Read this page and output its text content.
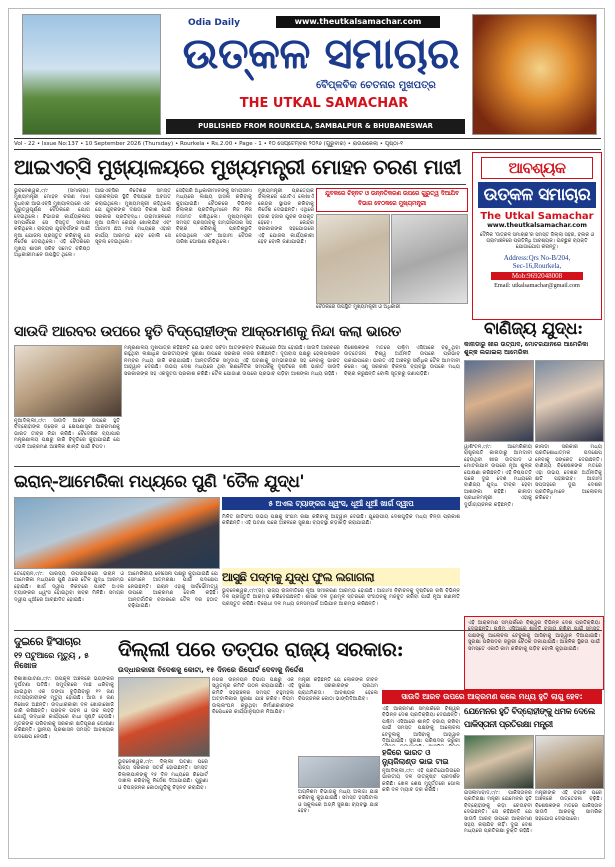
Odia Daily	www.theutkalsamachar.com
ଉତ୍କଳ ସମାଚାର
ବୈପ୍ଳବିକ ଚେତନାର ମୁଖପତ୍ର
THE UTKAL SAMACHAR
PUBLISHED FROM ROURKELA, SAMBALPUR & BHUBANESWAR
Vol - 22 • Issue No:137 • 10 September 2026 (Thursday) • Rourkela • Rs.2.00 • Page - 1 • ୧୦ ସେପ୍ଟେମ୍ବର ୨୦୨୬ (ଗୁରୁବାର) • ରାଉରକେଲା • ପୃଷ୍ଠା-୧
ଆଇଏଚ୍‌ସି ମୁଖ୍ୟାଳୟରେ ମୁଖ୍ୟମନ୍ତ୍ରୀ ମୋହନ ଚରଣ ମାଝୀ
ଭୁବନେଶ୍ୱର,୯/୯ (ସମାଚାର): ମୁଖ୍ୟମନ୍ତ୍ରୀ ମୋହନ ଚରଣ ମାଝୀ ବୁଧବାର ଆଇଏଚ୍‌ସି ମୁଖ୍ୟାଳୟରେ ଏକ ଗୁରୁତ୍ୱପୂର୍ଣ୍ଣ ବୈଠକରେ ଯୋଗ ଦେଇଥିଲେ। ବିଭାଗର କାର୍ଯ୍ୟକଳାପ ସମ୍ପର୍କରେ ସେ ବିସ୍ତୃତ ସମୀକ୍ଷା କରିଥିଲେ। ରାଜ୍ୟର ଯୁବବର୍ଗଙ୍କ ପାଇଁ ନୂଆ ଯୋଜନା ପ୍ରସ୍ତୁତ କରିବାକୁ ସେ ନିର୍ଦ୍ଦେଶ ଦେଇଥିଲେ। ଏହି ବୈଠକରେ ମୁଖ୍ୟ ଶାସନ ସଚିବ ସମେତ ବରିଷ୍ଠ ଅଧିକାରୀମାନେ ଉପସ୍ଥିତ ଥିଲେ।
ଆଇଏଚ୍‌ସିର ନିର୍ଦ୍ଦେଶକ ସମସ୍ତ ପ୍ରକଳ୍ପର ସ୍ଥିତି ବିଷୟରେ ଅବଗତ କରାଇଥିଲେ। ମୁଖ୍ୟମନ୍ତ୍ରୀ କହିଥିଲେ ଯେ ଯୁବକଙ୍କ ଦକ୍ଷତା ବିକାଶ ପାଇଁ ସରକାର ପ୍ରତିବଦ୍ଧ। ଗ୍ରାମାଞ୍ଚଳରେ ନୂଆ ତାଲିମ କେନ୍ଦ୍ର ଖୋଲାଯିବ ଏବଂ ଆଗାମୀ ଛଅ ମାସ ମଧ୍ୟରେ ଏହାର କାର୍ଯ୍ୟ ଆରମ୍ଭ ହେବ ବୋଲି ସେ ସୂଚନା ଦେଇଥିଲେ।
ସେହିପରି ଅଧିକାରୀମାନଙ୍କୁ ସମୟସୀମା ମଧ୍ୟରେ ଲକ୍ଷ୍ୟ ହାସଲ କରିବାକୁ କୁହାଯାଇଛି। ବୈଠକରେ ବିଭିନ୍ନ ଜିଲ୍ଲାର ପ୍ରତିନିଧିମାନେ ନିଜ ନିଜ ମତାମତ ରଖିଥିଲେ। ମୁଖ୍ୟମନ୍ତ୍ରୀ ସମସ୍ତ ପ୍ରସ୍ତାବକୁ ଗମ୍ଭୀରତାର ସହ ବିଚାର କରିବାକୁ ପ୍ରତିଶ୍ରୁତି ଦେଇଥିଲେ ଏବଂ ଆଗାମୀ ବୈଠକ ତାରିଖ ଘୋଷଣା କରିଥିଲେ।
ମୁଖ୍ୟମନ୍ତ୍ରୀ ପ୍ରତ୍ୟେକ ଜିଲ୍ଲାରେ ଗୋଟିଏ ଲେଖାଏଁ କେନ୍ଦ୍ର ସ୍ଥାପନ କରିବାକୁ ନିର୍ଦ୍ଦେଶ ଦେଇଛନ୍ତି। ଏଥିରେ ହଜାର ହଜାର ଯୁବକ ଉପକୃତ ହେବେ। କେନ୍ଦ୍ର ସରକାରଙ୍କ ସହଯୋଗରେ ଏହି ଯୋଜନା କାର୍ଯ୍ୟକାରୀ ହେବ ବୋଲି ଜଣାଯାଇଛି।
ଯୁବକରେ ଚିହ୍ନଟ ଓ ଉନ୍ନତିକରଣ ଉପରେ ଗୁରୁତ୍ୱ ଦିଆଯିବ
ବିଭାଗ ବେଠକରେ ମୁଖ୍ୟମନ୍ତ୍ରୀ
ବୈଠକରେ ଉପସ୍ଥିତ ମୁଖ୍ୟମନ୍ତ୍ରୀ ଓ ଅଧିକାରୀ
ଆବଶ୍ୟକ
ଉତ୍କଳ ସମାଚାର
The Utkal Samachar
www.theutkalsamachar.com
ଦୈନିକ 'ଉତ୍କଳ ସମାଚାର'ର ସମସ୍ତ ଜିଲ୍ଲା ସହର, ବ୍ଲକ ଓ ଗ୍ରାମାଞ୍ଚଳରେ ପ୍ରତିନିଧି ଆବଶ୍ୟକ। ଇଚ୍ଛୁକ ବ୍ୟକ୍ତି ଯୋଗାଯୋଗ କରନ୍ତୁ।
Address:Qrs No-B/204,
Sec-16,Rourkela,
Mob:9692048008
Email: utkalsamachar@gmail.com
ସାଉଦି ଆରବର ଉପରେ ହୁତି ବିଦ୍ରୋହୀଙ୍କ ଆକ୍ରମଣକୁ ନିନ୍ଦା କଲା ଭାରତ
ନୂଆଦିଲ୍ଲୀ,୯/୯: ସାଉଦି ଆରବ ଉପରେ ହୁତି ବିଦ୍ରୋହୀଙ୍କ ଡ୍ରୋନ ଓ କ୍ଷେପଣାସ୍ତ୍ର ଆକ୍ରମଣକୁ ଭାରତ ତୀବ୍ର ନିନ୍ଦା କରିଛି। ବୈଦେଶିକ ବ୍ୟାପାର ମନ୍ତ୍ରଣାଳୟ ପକ୍ଷରୁ ଜାରି ବିବୃତିରେ କୁହାଯାଇଛି ଯେ ଏଭଳି ଆକ୍ରମଣ ଆଞ୍ଚଳିକ ଶାନ୍ତି ପାଇଁ ବିପଦ।
ମନ୍ତ୍ରଣାଳୟ ମୁଖପାତ୍ର କହିଛନ୍ତି ଯେ ଭାରତ ସର୍ବଦା ଆତଙ୍କବାଦ ବିରୋଧରେ ଠିଆ ହୋଇଛି। ସାଉଦି ଆରବରେ ରହୁଥିବା ଲକ୍ଷାଧିକ ଭାରତୀୟଙ୍କ ସୁରକ୍ଷା ଉପରେ ସରକାର ନଜର ରଖିଛନ୍ତି। ଦୂତାବାସ ପକ୍ଷରୁ ହେଲ୍ପଲାଇନ ନମ୍ବର ମଧ୍ୟ ଜାରି କରାଯାଇଛି। ଆନ୍ତର୍ଜାତିକ ସମୁଦାୟ ଏହି ଘଟଣାକୁ ଗମ୍ଭୀରତାର ସହ ନେବାକୁ ଭାରତ ଆହ୍ୱାନ ଦେଇଛି। ଉଭୟ ଦେଶ ମଧ୍ୟରେ ଥିବା ରଣନୈତିକ ସମ୍ପର୍କକୁ ଦୃଷ୍ଟିରେ ରଖି ଭାରତ ସାଉଦି ସରକାରଙ୍କ ସହ ଏକଜୁଟତା ପ୍ରକାଶ କରିଛି। ତୈଳ ଯୋଗାଣ ଉପରେ ପ୍ରଭାବ ପଡ଼ିବା ଆଶଙ୍କା ମଧ୍ୟ ରହିଛି।
ବିଶେଷଜ୍ଞଙ୍କ ମତରେ ପଶ୍ଚିମ ଏସିଆରେ ବଢ଼ୁଥିବା ଉତ୍ତେଜନା ବିଶ୍ୱ ଅର୍ଥନୀତି ଉପରେ ପ୍ରଭାବ ପକାଇପାରେ। ଭାରତ ଏହି ଅଞ୍ଚଳରୁ ସର୍ବାଧିକ ତୈଳ ଆମଦାନୀ କରେ। ଏଣୁ ସରକାର ବିକଳ୍ପ ବ୍ୟବସ୍ଥା ଉପରେ ମଧ୍ୟ ବିଚାର କରୁଛନ୍ତି ବୋଲି ସୂତ୍ରରୁ ଜଣାପଡ଼ିଛି।
ବାଣିଜ୍ୟ ଯୁଦ୍ଧ:
କାନାଡାରୁ ଖୀର ଉତ୍ପାଦ, ମୋଟରଯାନରେ ଆମେରିକା ଶୁଳ୍କ ଲଗାଇଲା ଆମେରିକା
ୱାଶିଂଟନ,୯/୯: ଆମେରିକୀୟ ରାଷ୍ଟ୍ରପତି କାନାଡାରୁ ଆମଦାନୀ ହେଉଥିବା ଖୀର ଉତ୍ପାଦ ଓ ମୋଟରଯାନ ଉପରେ ନୂଆ ଶୁଳ୍କ ଘୋଷଣା କରିଛନ୍ତି। ଏହି ନିଷ୍ପତ୍ତି ପରେ ଦୁଇ ଦେଶ ମଧ୍ୟରେ ବାଣିଜ୍ୟ ଯୁଦ୍ଧ ତୀବ୍ର ହେବା ଆଶଙ୍କା ରହିଛି। କାନାଡା ପ୍ରଧାନମନ୍ତ୍ରୀ ଏହାକୁ ଦୁର୍ଭାଗ୍ୟଜନକ କହିଛନ୍ତି।
କାନାଡା ସରକାର ମଧ୍ୟ ପ୍ରତିଶୋଧାତ୍ମକ ପଦକ୍ଷେପ ନେବାକୁ ସଙ୍କେତ ଦେଇଛନ୍ତି। ବାଣିଜ୍ୟ ବିଶେଷଜ୍ଞଙ୍କ ମତରେ ଏହା ଉଭୟ ଦେଶର ଅର୍ଥନୀତିକୁ କ୍ଷତି ପହଞ୍ଚାଇବ। ଆଗାମୀ ସପ୍ତାହରେ ଦୁଇ ଦେଶର ପ୍ରତିନିଧିମାନେ ଆଲୋଚନା କରିବେ।
ଇରାନ୍-ଆମେରିକା ମଧ୍ୟରେ ପୁଣି 'ତୈଳ ଯୁଦ୍ଧ'
୫ ଅଏଲ ଟ୍ୟାଙ୍କର ଧ୍ୱଂସ, ଧୂଆଁ ଧୂଆଁ ଖାର୍ଗ ଦ୍ୱୀପ
ତେହେରାନ,୯/୯: ପାରସ୍ୟ ଉପସାଗରରେ ଇରାନ ଓ ଆମେରିକା ମଧ୍ୟରେ ପୁଣି ଥରେ ତୈଳ ଯୁଦ୍ଧ ଆରମ୍ଭ ହୋଇଛି। ଖାର୍ଗ ଦ୍ୱୀପ ନିକଟରେ ପାଞ୍ଚଟି ଅଏଲ ଟ୍ୟାଙ୍କର ଧ୍ୱଂସ ହୋଇଥିବା ଖବର ମିଳିଛି। ସମଗ୍ର ଦ୍ୱୀପ ଧୂଆଁରେ ଆଚ୍ଛାଦିତ ହୋଇଛି।
ଆମେରିକୀୟ ନୌସେନା ପକ୍ଷରୁ କୁହାଯାଇଛି ଯେ ସେମାନେ ଆତ୍ମରକ୍ଷା ପାଇଁ ପଦକ୍ଷେପ ନେଇଛନ୍ତି। ଇରାନ ଏହାକୁ ସାର୍ବଭୌମତ୍ୱ ଉପରେ ଆକ୍ରମଣ ବୋଲି କହିଛି। ଆନ୍ତର୍ଜାତିକ ବଜାରରେ ତୈଳ ଦର ହଠାତ୍ ବଢ଼ିଯାଇଛି।
ମିଳିତ ଜାତିସଂଘ ଉଭୟ ପକ୍ଷକୁ ସଂଯମ ରକ୍ଷା କରିବାକୁ ଆହ୍ୱାନ ଦେଇଛି। ଯୁରୋପୀୟ ଦେଶଗୁଡ଼ିକ ମଧ୍ୟ ଚିନ୍ତା ପ୍ରକାଶ କରିଛନ୍ତି। ଏହି ଘଟଣା ପରେ ଅଞ୍ଚଳରେ ସୁରକ୍ଷା ବ୍ୟବସ୍ଥା କଡ଼ାକଡ଼ି କରାଯାଇଛି।
ଆସୁଛି ପଦ୍ମକୁ ଯୁଦ୍ଧ ଫୁଲ ଲଗାଗଲା
ଭୁବନେଶ୍ୱର,୯/୯(ସ): ରାଜ୍ୟ ରାଜନୀତିରେ ନୂଆ ସମୀକରଣ ଆରମ୍ଭ ହୋଇଛି। ଆଗାମୀ ନିର୍ବାଚନକୁ ଦୃଷ୍ଟିରେ ରଖି ବିଭିନ୍ନ ଦଳ ପ୍ରସ୍ତୁତି ଆରମ୍ଭ କରିଦେଇଛନ୍ତି। ଶାସକ ଦଳ ତୃଣମୂଳ ସ୍ତରରେ ସଂଗଠନକୁ ମଜବୁତ କରିବା ପାଇଁ ନୂଆ ରଣନୀତି ପ୍ରସ୍ତୁତ କରିଛି। ବିରୋଧୀ ଦଳ ମଧ୍ୟ ଜନସମ୍ପର୍କ ଅଭିଯାନ ଆରମ୍ଭ କରିଛନ୍ତି।
ଏହି ଆକ୍ରମଣ ସମ୍ପର୍କରେ ବିଶ୍ୱର ବିଭିନ୍ନ ଦେଶ ପ୍ରତିକ୍ରିୟା ପକ୍ଷଙ୍କୁ ଆଲୋଚନା ଟେବୁଲକୁ ଆସିବାକୁ ଆହ୍ୱାନ ଦିଆଯାଇଛି। ସୁରକ୍ଷା ପରିଷଦର ଜରୁରୀ ବୈଠକ ଡକାଯାଇଛି। ଆଞ୍ଚଳିକ ସ୍ଥିରତା ପାଇଁ ସମସ୍ତେ ଏକାଠି କାମ କରିବାକୁ ପଡ଼ିବ ବୋଲି କୁହାଯାଇଛି।
ଦୁଇରେ ହିଂସାଚାର
୧୨ ପଟୁଆରେ ମୃତ୍ୟୁ , ୫ ନିଖୋଜ
ବିଶାଖାପାଟଣା,୯/୯: ଉପକୂଳ ଅଞ୍ଚଳରେ ଭୟଙ୍କର ଦୁର୍ଘଟଣା ଘଟିଛି। ସମୁଦ୍ରରେ ମାଛ ଧରିବାକୁ ଯାଇଥିବା ଏକ ଡଙ୍ଗା ବୁଡ଼ିଯିବାରୁ ୧୨ ଜଣ ମତ୍ସ୍ୟଜୀବୀଙ୍କ ମୃତ୍ୟୁ ହୋଇଛି। ଆଉ ୫ ଜଣ ନିଖୋଜ ଅଛନ୍ତି। ଉଦ୍ଧାରକାରୀ ଦଳ ଖୋଜାଖୋଜି ଜାରି ରଖିଛନ୍ତି। ପ୍ରବଳ ପବନ ଓ ଉଚ୍ଚ ଲହଡ଼ି ଯୋଗୁଁ ଉଦ୍ଧାର କାର୍ଯ୍ୟରେ ବାଧା ସୃଷ୍ଟି ହେଉଛି। ମୃତକଙ୍କ ପରିବାରକୁ ସରକାର କ୍ଷତିପୂରଣ ଘୋଷଣା କରିଛନ୍ତି। ସ୍ଥାନୀୟ ପ୍ରଶାସନ ସମସ୍ତ ଆବଶ୍ୟକ ପଦକ୍ଷେପ ନେଉଛି।
ଦିଲ୍ଲୀ ପରେ ତତ୍ପର ରାଜ୍ୟ ସରକାର:
ଉଦ୍ଧାରକାରୀ ବିଦେଶକୁ କୋଟା, ୧୫ ଦିନରେ ରିପୋର୍ଟ ଦେବାକୁ ନିର୍ଦ୍ଦେଶ
ଭୁବନେଶ୍ୱର,୯/୯: ଦିଲ୍ଲୀ ଘଟଣା ପରେ ରାଜ୍ୟ ସରକାର ସତର୍କ ହୋଇଛନ୍ତି। ସମସ୍ତ ଜିଲ୍ଲାପାଳଙ୍କୁ ୧୫ ଦିନ ମଧ୍ୟରେ ରିପୋର୍ଟ ଦାଖଲ କରିବାକୁ ନିର୍ଦ୍ଦେଶ ଦିଆଯାଇଛି। ପୁରୁଣା ଓ ବିପଜ୍ଜନକ କୋଠାଗୁଡ଼ିକୁ ଚିହ୍ନଟ କରାଯିବ।
ନଗର ଉନ୍ନୟନ ବିଭାଗ ପକ୍ଷରୁ ଏକ ସ୍ୱତନ୍ତ୍ର କମିଟି ଗଠନ କରାଯାଇଛି। ଏହି କମିଟି ସହରାଞ୍ଚଳର ସମସ୍ତ ବହୁମହଲା ଅଟ୍ଟାଳିକାର ସୁରକ୍ଷା ଯାଞ୍ଚ କରିବ। ନିୟମ ଉଲ୍ଲଂଘନ କରୁଥିବା ନିର୍ମାଣକାରୀଙ୍କ ବିରୋଧରେ କାର୍ଯ୍ୟାନୁଷ୍ଠାନ ନିଆଯିବ।
ମନ୍ତ୍ରୀ କହିଛନ୍ତି ଯେ ଲୋକଙ୍କ ଜୀବନ ସୁରକ୍ଷା ସରକାରଙ୍କ ପ୍ରଥମ ପ୍ରାଥମିକତା। ଆବଶ୍ୟକ ହେଲେ ବିପଜ୍ଜନକ କୋଠା ଭାଙ୍ଗିଦିଆଯିବ।
ଅଗ୍ନିଶମ ବିଭାଗକୁ ମଧ୍ୟ ଅଲଗା ଯାଞ୍ଚ କରିବାକୁ କୁହାଯାଇଛି। ସମସ୍ତ ହସ୍ପିଟାଲ ଓ ସ୍କୁଲରେ ଅଗ୍ନି ସୁରକ୍ଷା ବ୍ୟବସ୍ଥା ଯାଞ୍ଚ ହେବ।
ହକିରେ ଭାରତ ଓ ନ୍ୟୁଜିଲାଣ୍ଡ ଭାଇ ଟାଇ
ନୂଆଦିଲ୍ଲୀ,୯/୯: ଏହି ପ୍ରତିଯୋଗିତାରେ ଭାରତୀୟ ଦଳ ଉତ୍କୃଷ୍ଟ ପ୍ରଦର୍ଶନ କରିଛି। ଖେଳ ଶେଷ ମୁହୂର୍ତ୍ତରେ ଗୋଲ କରି ଦଳ ମ୍ୟାଚ ଡ୍ର କରିଛି।
ସାଉଦି ଆରବ ଉପରେ ଆକ୍ରମଣ କଲେ ମଧ୍ୟ ହୁତି ଲାଗୁ ହେବ:
ଯେମେନର ହୁତି ବିଦ୍ରୋହୀଙ୍କୁ ଧମକ ଦେଲେ ପାକିସ୍ତାନୀ ପ୍ରତିରକ୍ଷା ମନ୍ତ୍ରୀ
ଇସଲାମାବାଦ,୯/୯: ପାକିସ୍ତାନର ପ୍ରତିରକ୍ଷା ମନ୍ତ୍ରୀ ଯେମେନର ହୁତି ବିଦ୍ରୋହୀଙ୍କୁ କଡ଼ା ଚେତାବନୀ ଦେଇଛନ୍ତି। ସେ କହିଛନ୍ତି ଯେ ସାଉଦି ଆରବ ଉପରେ ଆକ୍ରମଣ ସହ୍ୟ କରାଯିବ ନାହିଁ। ଦୁଇ ଦେଶ ମଧ୍ୟରେ ପ୍ରତିରକ୍ଷା ଚୁକ୍ତି ରହିଛି।
ମନ୍ତ୍ରୀଙ୍କ ଏହି ବୟାନ ପରେ ଅଞ୍ଚଳରେ ଉତ୍ତେଜନା ବଢ଼ିଛି। ବିଶେଷଜ୍ଞଙ୍କ ମତରେ ପାକିସ୍ତାନ ସାଉଦି ଆରବକୁ ସାମରିକ ସହଯୋଗ ଦେଇପାରେ।
ଏହି ଆକ୍ରମଣ ସମ୍ପର୍କରେ ବିଶ୍ୱର ବିଭିନ୍ନ ଦେଶ ପ୍ରତିକ୍ରିୟା ଦେଇଛନ୍ତି। ପଶ୍ଚିମ ଏସିଆରେ ଶାନ୍ତି ବଜାୟ ରଖିବା ପାଇଁ ସମସ୍ତ ପକ୍ଷଙ୍କୁ ଆଲୋଚନା ଟେବୁଲକୁ ଆସିବାକୁ ଆହ୍ୱାନ ଦିଆଯାଇଛି। ସୁରକ୍ଷା ପରିଷଦର ଜରୁରୀ
